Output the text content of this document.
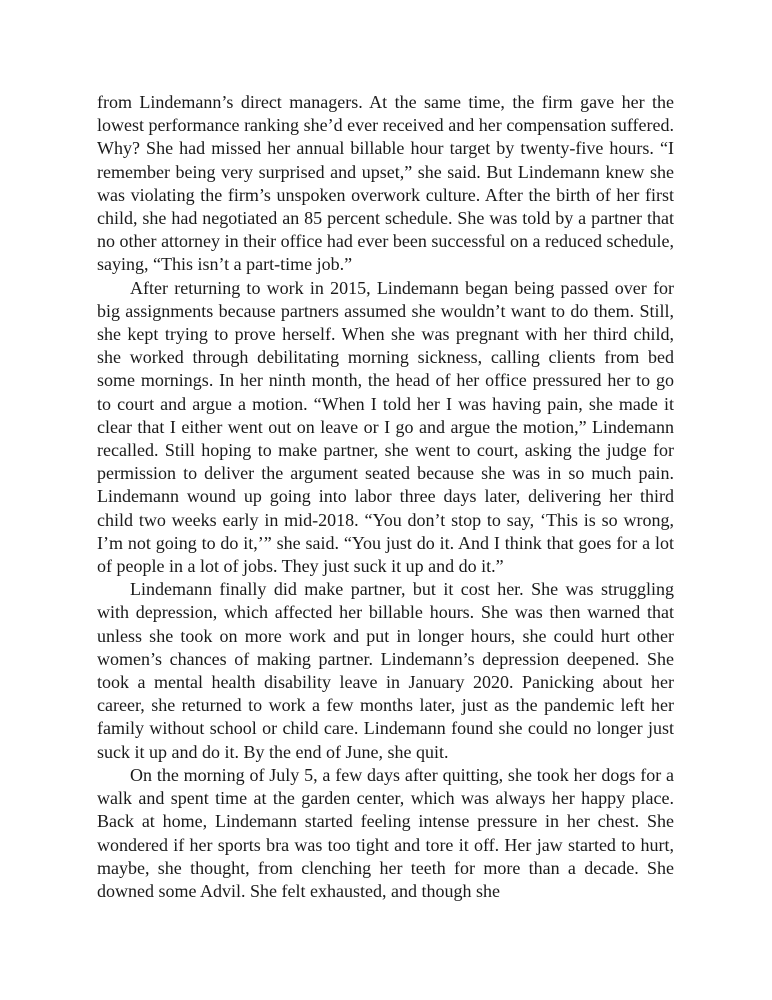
from Lindemann’s direct managers. At the same time, the firm gave her the lowest performance ranking she’d ever received and her compensation suffered. Why? She had missed her annual billable hour target by twenty-five hours. “I remember being very surprised and upset,” she said. But Lindemann knew she was violating the firm’s unspoken overwork culture. After the birth of her first child, she had negotiated an 85 percent schedule. She was told by a partner that no other attorney in their office had ever been successful on a reduced schedule, saying, “This isn’t a part-time job.”

After returning to work in 2015, Lindemann began being passed over for big assignments because partners assumed she wouldn’t want to do them. Still, she kept trying to prove herself. When she was pregnant with her third child, she worked through debilitating morning sickness, calling clients from bed some mornings. In her ninth month, the head of her office pressured her to go to court and argue a motion. “When I told her I was having pain, she made it clear that I either went out on leave or I go and argue the motion,” Lindemann recalled. Still hoping to make partner, she went to court, asking the judge for permission to deliver the argument seated because she was in so much pain. Lindemann wound up going into labor three days later, delivering her third child two weeks early in mid-2018. “You don’t stop to say, ‘This is so wrong, I’m not going to do it,’” she said. “You just do it. And I think that goes for a lot of people in a lot of jobs. They just suck it up and do it.”

Lindemann finally did make partner, but it cost her. She was struggling with depression, which affected her billable hours. She was then warned that unless she took on more work and put in longer hours, she could hurt other women’s chances of making partner. Lindemann’s depression deepened. She took a mental health disability leave in January 2020. Panicking about her career, she returned to work a few months later, just as the pandemic left her family without school or child care. Lindemann found she could no longer just suck it up and do it. By the end of June, she quit.

On the morning of July 5, a few days after quitting, she took her dogs for a walk and spent time at the garden center, which was always her happy place. Back at home, Lindemann started feeling intense pressure in her chest. She wondered if her sports bra was too tight and tore it off. Her jaw started to hurt, maybe, she thought, from clenching her teeth for more than a decade. She downed some Advil. She felt exhausted, and though she
